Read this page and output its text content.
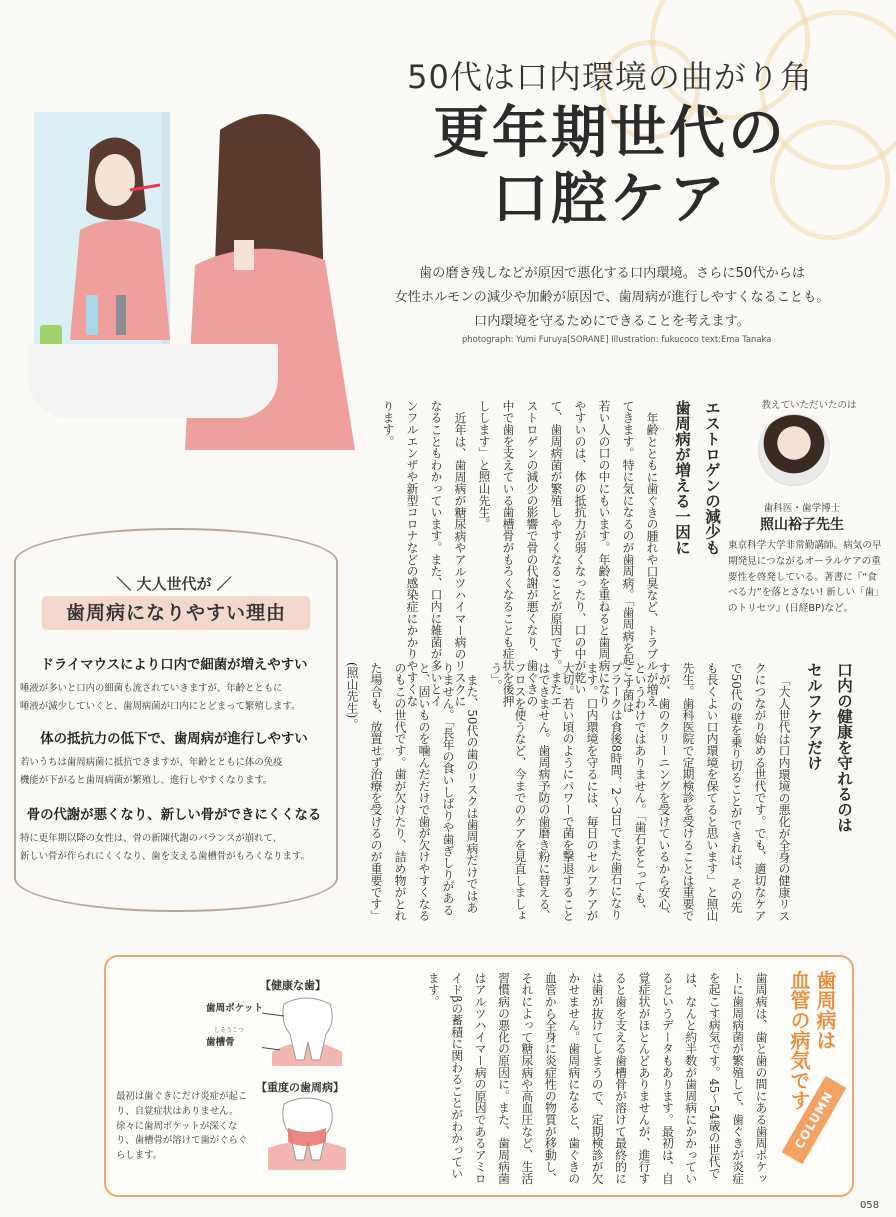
50代は口内環境の曲がり角
更年期世代の
口腔ケア
歯の磨き残しなどが原因で悪化する口内環境。さらに50代からは
女性ホルモンの減少や加齢が原因で、歯周病が進行しやすくなることも。
口内環境を守るためにできることを考えます。
photograph: Yumi Furuya[SORANE] Illustration: fukucoco text:Ema Tanaka
教えていただいたのは
歯科医・歯学博士
照山裕子先生
東京科学大学非常勤講師。病気の早期発見につながるオーラルケアの重要性を啓発している。著書に『“食べる力”を落とさない! 新しい「歯」のトリセツ』(日経BP)など。
エストロゲンの減少も
歯周病が増える一因に
年齢とともに歯ぐきの腫れや口臭など、トラブルが増えてきます。特に気になるのが歯周病。「歯周病を起こす菌は若い人の口の中にもいます。年齢を重ねると歯周病になりやすいのは、体の抵抗力が弱くなったり、口の中が乾いて、歯周病菌が繁殖しやすくなることが原因です。またエストロゲンの減少の影響で骨の代謝が悪くなり、歯ぐきの中で歯を支えている歯槽骨がもろくなることも症状を後押しします」と照山先生。
近年は、歯周病が糖尿病やアルツハイマー病のリスクになることもわかっています。また、口内に雑菌が多いとインフルエンザや新型コロナなどの感染症にかかりやすくなります。
口内の健康を守れるのは
セルフケアだけ
「大人世代は口内環境の悪化が全身の健康リスクにつながり始める世代です。でも、適切なケアで50代の壁を乗り切ることができれば、その先も長くよい口内環境を保てると思います」と照山先生。歯科医院で定期検診を受けることは重要ですが、歯のクリーニングを受けているから安心、というわけではありません。「歯石をとっても、プラークは食後8時間、2〜3日でまた歯石になります。口内環境を守るには、毎日のセルフケアが大切。若い頃のようにパワーで菌を撃退することはできません。歯周病予防の歯磨き粉に替える、フロスを使うなど、今までのケアを見直しましょう」。
また、50代の歯のリスクは歯周病だけではありません。「長年の食いしばりや歯ぎしりがあると、固いものを噛んだだけで歯が欠けやすくなるのもこの世代です。歯が欠けたり、詰め物がとれた場合も、放置せず治療を受けるのが重要です」(照山先生)。
＼ 大人世代が ／
歯周病になりやすい理由
ドライマウスにより口内で細菌が増えやすい
唾液が多いと口内の細菌も流されていきますが、年齢とともに
唾液が減少していくと、歯周病菌が口内にとどまって繁殖します。
体の抵抗力の低下で、歯周病が進行しやすい
若いうちは歯周病菌に抵抗できますが、年齢とともに体の免疫
機能が下がると歯周病菌が繁殖し、進行しやすくなります。
骨の代謝が悪くなり、新しい骨ができにくくなる
特に更年期以降の女性は、骨の新陳代謝のバランスが崩れて、
新しい骨が作られにくくなり、歯を支える歯槽骨がもろくなります。
歯周病は
血管の病気です
COLUMN
歯周病は、歯と歯の間にある歯周ポケットに歯周病菌が繁殖して、歯ぐきが炎症を起こす病気です。45〜54歳の世代では、なんと約半数が歯周病にかかっているというデータもあります。最初は、自覚症状がほとんどありませんが、進行すると歯を支える歯槽骨が溶けて最終的には歯が抜けてしまうので、定期検診が欠かせません。歯周病になると、歯ぐきの血管から全身に炎症性の物質が移動し、それによって糖尿病や高血圧など、生活習慣病の悪化の原因に。また、歯周病菌はアルツハイマー病の原因であるアミロイドβの蓄積に関わることがわかっています。
【健康な歯】
歯周ポケット
しそうこつ
歯槽骨
【重度の歯周病】
最初は歯ぐきにだけ炎症が起こり、自覚症状はありません。徐々に歯周ポケットが深くなり、歯槽骨が溶けて歯がぐらぐらします。
058
